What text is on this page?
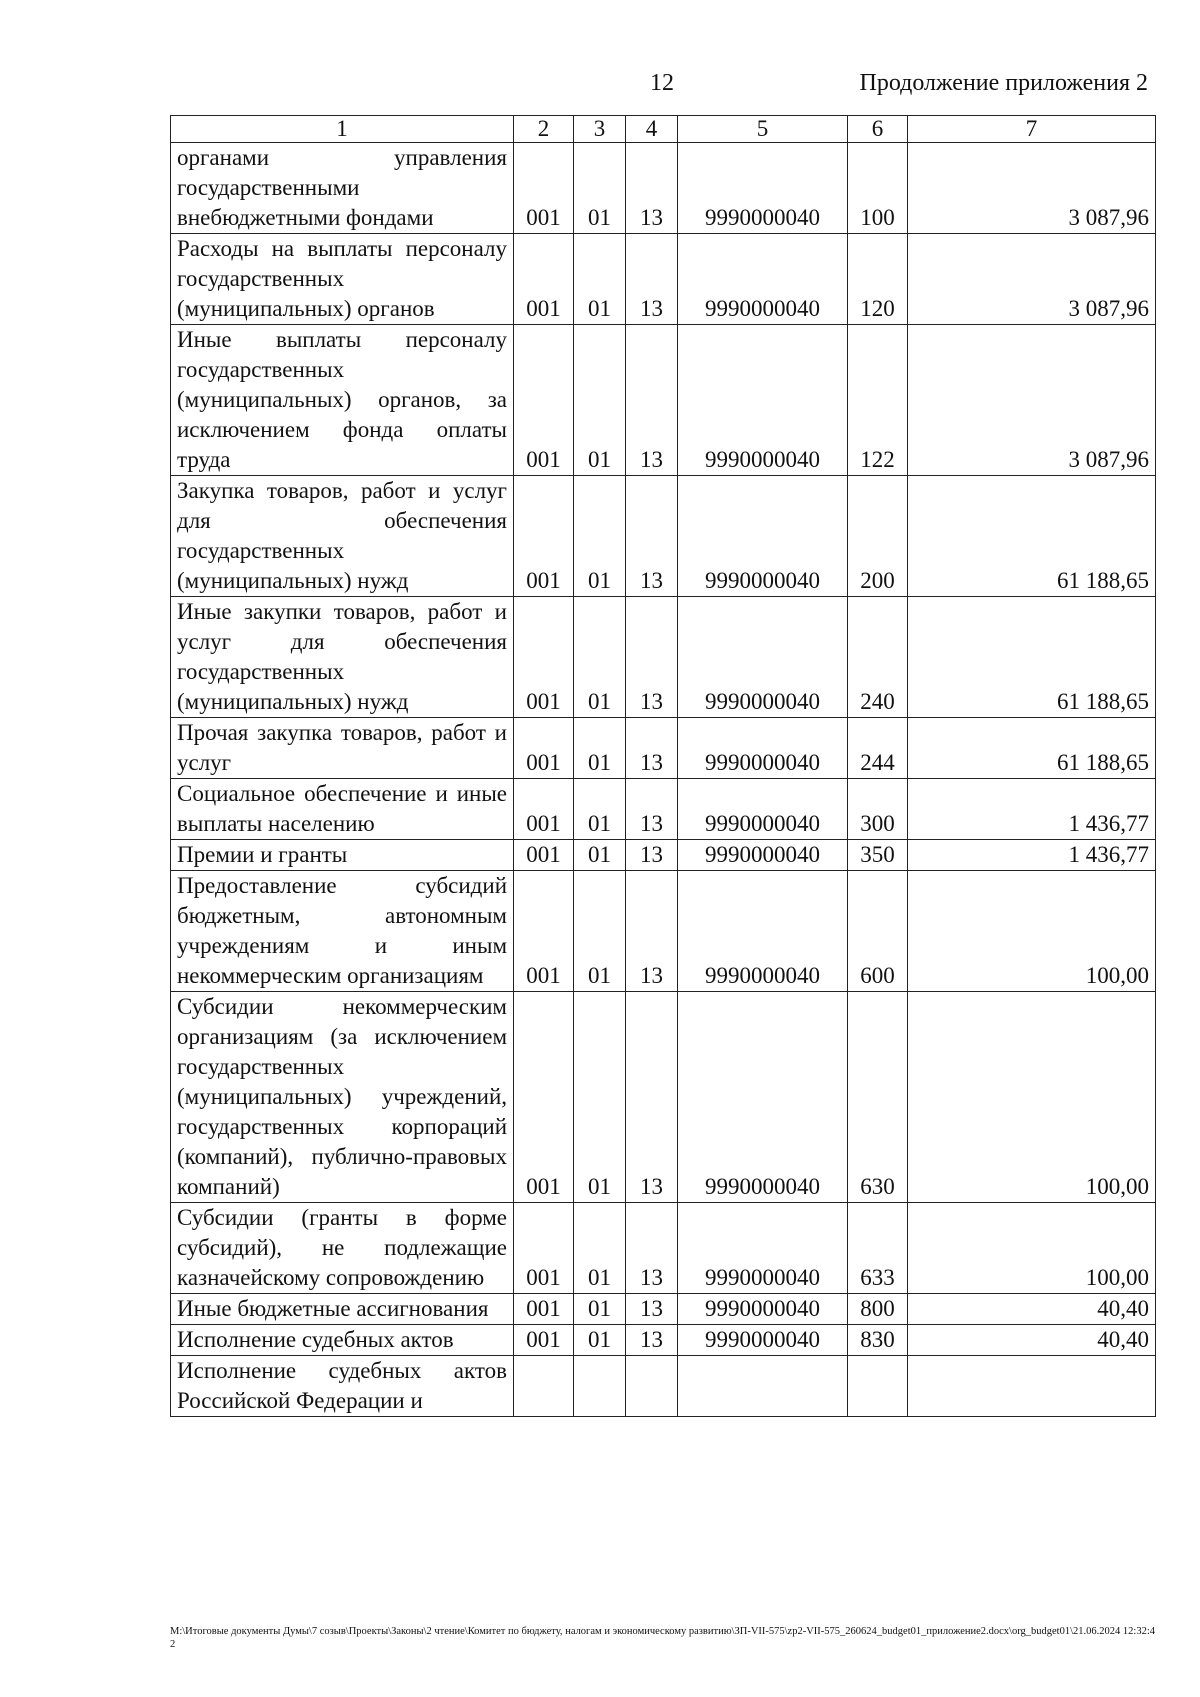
12	Продолжение приложения 2
1	2	3	4	5	6	7
органами управления государственными внебюджетными фондами	001	01	13	9990000040	100	3 087,96
Расходы на выплаты персоналу государственных (муниципальных) органов	001	01	13	9990000040	120	3 087,96
Иные выплаты персоналу государственных (муниципальных) органов, за исключением фонда оплаты труда	001	01	13	9990000040	122	3 087,96
Закупка товаров, работ и услуг для обеспечения государственных (муниципальных) нужд	001	01	13	9990000040	200	61 188,65
Иные закупки товаров, работ и услуг для обеспечения государственных (муниципальных) нужд	001	01	13	9990000040	240	61 188,65
Прочая закупка товаров, работ и услуг	001	01	13	9990000040	244	61 188,65
Социальное обеспечение и иные выплаты населению	001	01	13	9990000040	300	1 436,77
Премии и гранты	001	01	13	9990000040	350	1 436,77
Предоставление субсидий бюджетным, автономным учреждениям и иным некоммерческим организациям	001	01	13	9990000040	600	100,00
Субсидии некоммерческим организациям (за исключением государственных (муниципальных) учреждений, государственных корпораций (компаний), публично-правовых компаний)	001	01	13	9990000040	630	100,00
Субсидии (гранты в форме субсидий), не подлежащие казначейскому сопровождению	001	01	13	9990000040	633	100,00
Иные бюджетные ассигнования	001	01	13	9990000040	800	40,40
Исполнение судебных актов	001	01	13	9990000040	830	40,40
Исполнение судебных актов Российской Федерации и						
М:\Итоговые документы Думы\7 созыв\Проекты\Законы\2 чтение\Комитет по бюджету, налогам и экономическому развитию\ЗП-VII-575\zp2-VII-575_260624_budget01_приложение2.docx\org_budget01\21.06.2024 12:32:42
